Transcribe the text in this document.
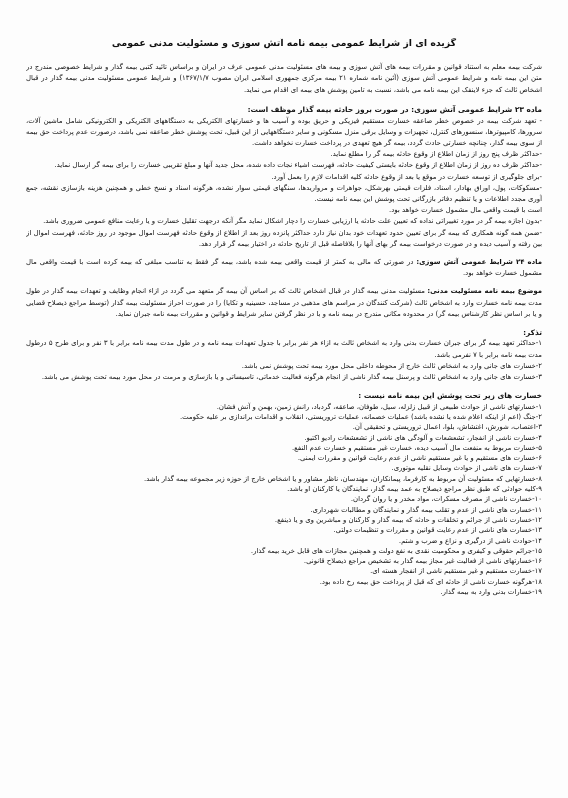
گزیده ای از شرایط عمومی بیمه نامه آتش سوزی و مسئولیت مدنی عمومی

شرکت بیمه معلم به استناد قوانین و مقررات بیمه های آتش سوزی و بیمه های مسئولیت مدنی عمومی عرف در ایران و براساس تائید کتبی بیمه گذار و شرایط خصوصی مندرج در متن این بیمه نامه و شرایط عمومی آتش سوزی (آئین نامه شماره ۲۱ بیمه مرکزی جمهوری اسلامی ایران مصوب ۱۳۶۷/۱/۷) و شرایط عمومی مسئولیت مدنی بیمه گذار در قبال اشخاص ثالث که جزء لاینفک این بیمه نامه می باشد، نسبت به تامین پوشش های بیمه ای اقدام می نماید.

ماده ۲۳ شرایط عمومی آتش سوزی: در صورت بروز حادثه بیمه گذار موظف است:

- تعهد شرکت بیمه در خصوص خطر صاعقه خسارت مستقیم فیزیکی و حریق بوده و آسیب ها و خسارتهای الکتریکی به دستگاههای الکتریکی و الکترونیکی شامل ماشین آلات، سرورها، کامپیوترها، سنسورهای کنترل، تجهیزات و وسایل برقی منزل مسکونی و سایر دستگاههایی از این قبیل، تحت پوشش خطر صاعقه نمی باشد، درصورت عدم پرداخت حق بیمه از سوی بیمه گذار، چنانچه خسارتی حادث گردد، بیمه گر هیچ تعهدی در پرداخت خسارت نخواهد داشت.

-حداکثر ظرف پنج روز از زمان اطلاع از وقوع حادثه بیمه گر را مطلع نماید.

-حداکثر ظرف ده روز از زمان اطلاع از وقوع حادثه بایستی کیفیت حادثه، فهرست اشیاء نجات داده شده، محل جدید آنها و مبلغ تقریبی خسارت را برای بیمه گر ارسال نماید.

-برای جلوگیری از توسعه خسارت در موقع یا بعد از وقوع حادثه کلیه اقدامات لازم را بعمل آورد.

-مسکوکات، پول، اوراق بهادار، اسناد، فلزات قیمتی بهرشکل، جواهرات و مرواریدها، سنگهای قیمتی سوار نشده، هرگونه اسناد و نسخ خطی و همچنین هزینه بازسازی نقشه، جمع آوری مجدد اطلاعات و یا تنظیم دفاتر بازرگانی تحت پوشش این بیمه نامه نیست.

است با قیمت واقعی مال مشمول خسارت خواهد بود.

-بدون اجازه بیمه گر در مورد تغییراتی نداده که تعیین علت حادثه یا ارزیابی خسارت را دچار اشکال نماید مگر آنکه درجهت تقلیل خسارت و یا رعایت منافع عمومی ضروری باشد.

-ضمن همه گونه همکاری که بیمه گر برای تعیین حدود تعهدات خود بدان نیاز دارد حداکثر پانزده روز بعد از اطلاع از وقوع حادثه فهرست اموال موجود در روز حادثه، فهرست اموال از بین رفته و آسیب دیده و در صورت درخواست بیمه گر بهای آنها را بلافاصله قبل از تاریخ حادثه در اختیار بیمه گر قرار دهد.

ماده ۲۴ شرایط عمومی آتش سوزی: در صورتی که مالی به کمتر از قیمت واقعی بیمه شده باشد، بیمه گر فقط به تناسب مبلغی که بیمه کرده است با قیمت واقعی مال مشمول خسارت خواهد بود.

موضوع بیمه نامه مسئولیت مدنی: مسئولیت مدنی بیمه گذار در قبال اشخاص ثالث که بر اساس آن بیمه گر متعهد می گردد در ازاء انجام وظایف و تعهدات بیمه گذار در طول مدت بیمه نامه خسارت وارد به اشخاص ثالث (شرکت کنندگان در مراسم های مذهبی در مساجد، حسینیه و تکایا) را در صورت احراز مسئولیت بیمه گذار (توسط مراجع ذیصلاح قضایی و یا بر اساس نظر کارشناس بیمه گر) در محدوده مکانی مندرج در بیمه نامه و با در نظر گرفتن سایر شرایط و قوانین و مقررات بیمه نامه جبران نماید.

تذکر:

۱-حداکثر تعهد بیمه گر برای جبران خسارت بدنی وارد به اشخاص ثالث به ازاء هر نفر برابر با جدول تعهدات بیمه نامه و در طول مدت بیمه نامه برابر با ۳ نفر و برای طرح ۵ درطول مدت بیمه نامه برابر با ۷ نفرمی باشد.

۲-خسارت های جانی وارد به اشخاص ثالث خارج از محوطه داخلی محل مورد بیمه تحت پوشش نمی باشد.

۳-خسارت های جانی وارد به اشخاص ثالث و پرسنل بیمه گذار ناشی از انجام هرگونه فعالیت خدماتی، تاسیساتی و یا بازسازی و مرمت در محل مورد بیمه تحت پوشش می باشد.

خسارت های زیر تحت پوشش این بیمه نامه نیست :

۱-خسارتهای ناشی از حوادث طبیعی از قبیل زلزله، سیل، طوفان، صاعقه، گردباد، رانش زمین، بهمن و آتش فشان.
۲-جنگ (اعم از اینکه اعلام شده یا نشده باشد) عملیات خصمانه، عملیات تروریستی، انقلاب و اقدامات براندازی بر علیه حکومت.
۳-اعتصاب، شورش، اغتشاش، بلوا، اعمال تروریستی و تحقیقی آن.
۴-خسارت ناشی از انفجار، تشعشعات و آلودگی های ناشی از تشعشعات رادیو اکتیو.
۵-خسارت مربوط به منفعت مال آسیب دیده، خسارت غیر مستقیم و خسارت عدم النفع.
۶-خسارت های مستقیم و یا غیر مستقیم ناشی از عدم رعایت قوانین و مقررات ایمنی.
۷-خسارت های ناشی از حوادث وسایل نقلیه موتوری.
۸-خسارتهایی که مسئولیت آن مربوط به کارفرما، پیمانکاران، مهندسان، ناظر مشاور و یا اشخاص خارج از حوزه زیر مجموعه بیمه گذار باشد.
۹-کلیه حوادثی که طبق نظر مراجع ذیصلاح به عمد بیمه گذار، نمایندگان یا کارکنان او باشد.
۱۰-خسارت ناشی از مصرف مسکرات، مواد مخدر و یا روان گردان.
۱۱-خسارت های ناشی از عدم و تقلب بیمه گذار و نمایندگان و مطالبات شهرداری.
۱۲-خسارت ناشی از جرائم و تخلفات و حادثه که بیمه گذار و کارکنان و مباشرین وی و یا ذینفع.
۱۳-خسارت های ناشی از عدم رعایت قوانین و مقررات و تنظیمات دولتی.
۱۴-حوادث ناشی از درگیری و نزاع و ضرب و شتم.
۱۵-جرائم حقوقی و کیفری و محکومیت نقدی به نفع دولت و همچنین مجازات های قابل خرید بیمه گذار.
۱۶-خسارتهای ناشی از فعالیت غیر مجاز بیمه گذار به تشخیص مراجع ذیصلاح قانونی.
۱۷-خسارت مستقیم و غیر مستقیم ناشی از انفجار هسته ای.
۱۸-هرگونه خسارت ناشی از حادثه ای که قبل از پرداخت حق بیمه رخ داده بود.
۱۹-خسارات بدنی وارد به بیمه گذار.
